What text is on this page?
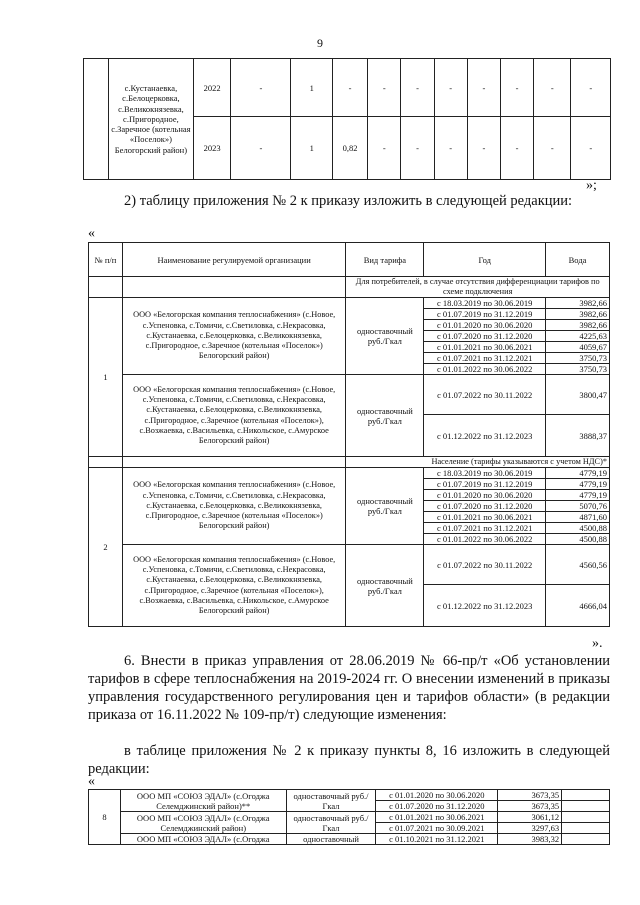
9
	с.Кустанаевка, с.Белоцерковка, с.Великокнязевка, с.Пригородное, с.Заречное (котельная «Поселок») Белогорский район)	2022	-	1	-	-	-	-	-	-	-	-
		2023	-	1	0,82	-	-	-	-	-	-	-
»;
2) таблицу приложения № 2 к приказу изложить в следующей редакции:
«
№ п/п	Наименование регулируемой организации	Вид тарифа	Год	Вода
		Для потребителей, в случае отсутствия дифференциации тарифов по схеме подключения		
1	ООО «Белогорская компания теплоснабжения» (с.Новое, с.Успеновка, с.Томичи, с.Светиловка, с.Некрасовка, с.Кустанаевка, с.Белоцерковка, с.Великокнязевка, с.Пригородное, с.Заречное (котельная «Поселок») Белогорский район)	одноставочный руб./Гкал	с 18.03.2019 по 30.06.2019	3982,66
			с 01.07.2019 по 31.12.2019	3982,66
			с 01.01.2020 по 30.06.2020	3982,66
			с 01.07.2020 по 31.12.2020	4225,63
			с 01.01.2021 по 30.06.2021	4059,67
			с 01.07.2021 по 31.12.2021	3750,73
			с 01.01.2022 по 30.06.2022	3750,73
	ООО «Белогорская компания теплоснабжения» (с.Новое, с.Успеновка, с.Томичи, с.Светиловка, с.Некрасовка, с.Кустанаевка, с.Белоцерковка, с.Великокнязевка, с.Пригородное, с.Заречное (котельная «Поселок»), с.Возжаевка, с.Васильевка, с.Никольское, с.Амурское Белогорский район)	одноставочный руб./Гкал	с 01.07.2022 по 30.11.2022	3800,47
			с 01.12.2022 по 31.12.2023	3888,37
		Население (тарифы указываются с учетом НДС)*		
2	ООО «Белогорская компания теплоснабжения» (с.Новое, с.Успеновка, с.Томичи, с.Светиловка, с.Некрасовка, с.Кустанаевка, с.Белоцерковка, с.Великокнязевка, с.Пригородное, с.Заречное (котельная «Поселок») Белогорский район)	одноставочный руб./Гкал	с 18.03.2019 по 30.06.2019	4779,19
			с 01.07.2019 по 31.12.2019	4779,19
			с 01.01.2020 по 30.06.2020	4779,19
			с 01.07.2020 по 31.12.2020	5070,76
			с 01.01.2021 по 30.06.2021	4871,60
			с 01.07.2021 по 31.12.2021	4500,88
			с 01.01.2022 по 30.06.2022	4500,88
	ООО «Белогорская компания теплоснабжения» (с.Новое, с.Успеновка, с.Томичи, с.Светиловка, с.Некрасовка, с.Кустанаевка, с.Белоцерковка, с.Великокнязевка, с.Пригородное, с.Заречное (котельная «Поселок»), с.Возжаевка, с.Васильевка, с.Никольское, с.Амурское Белогорский район)	одноставочный руб./Гкал	с 01.07.2022 по 30.11.2022	4560,56
			с 01.12.2022 по 31.12.2023	4666,04
».
6. Внести в приказ управления от 28.06.2019 № 66-пр/т «Об установлении тарифов в сфере теплоснабжения на 2019-2024 гг. О внесении изменений в приказы управления государственного регулирования цен и тарифов области» (в редакции приказа от 16.11.2022 № 109-пр/т) следующие изменения:
в таблице приложения № 2 к приказу пункты 8, 16 изложить в следующей редакции:
«
8	ООО МП «СОЮЗ ЭДАЛ» (с.Огоджа Селемджинский район)**	одноставочный руб./Гкал	с 01.01.2020 по 30.06.2020	3673,35	
			с 01.07.2020 по 31.12.2020	3673,35	
	ООО МП «СОЮЗ ЭДАЛ» (с.Огоджа Селемджинский район)	одноставочный руб./Гкал	с 01.01.2021 по 30.06.2021	3061,12	
			с 01.07.2021 по 30.09.2021	3297,63	
	ООО МП «СОЮЗ ЭДАЛ» (с.Огоджа	одноставочный	с 01.10.2021 по 31.12.2021	3983,32	
